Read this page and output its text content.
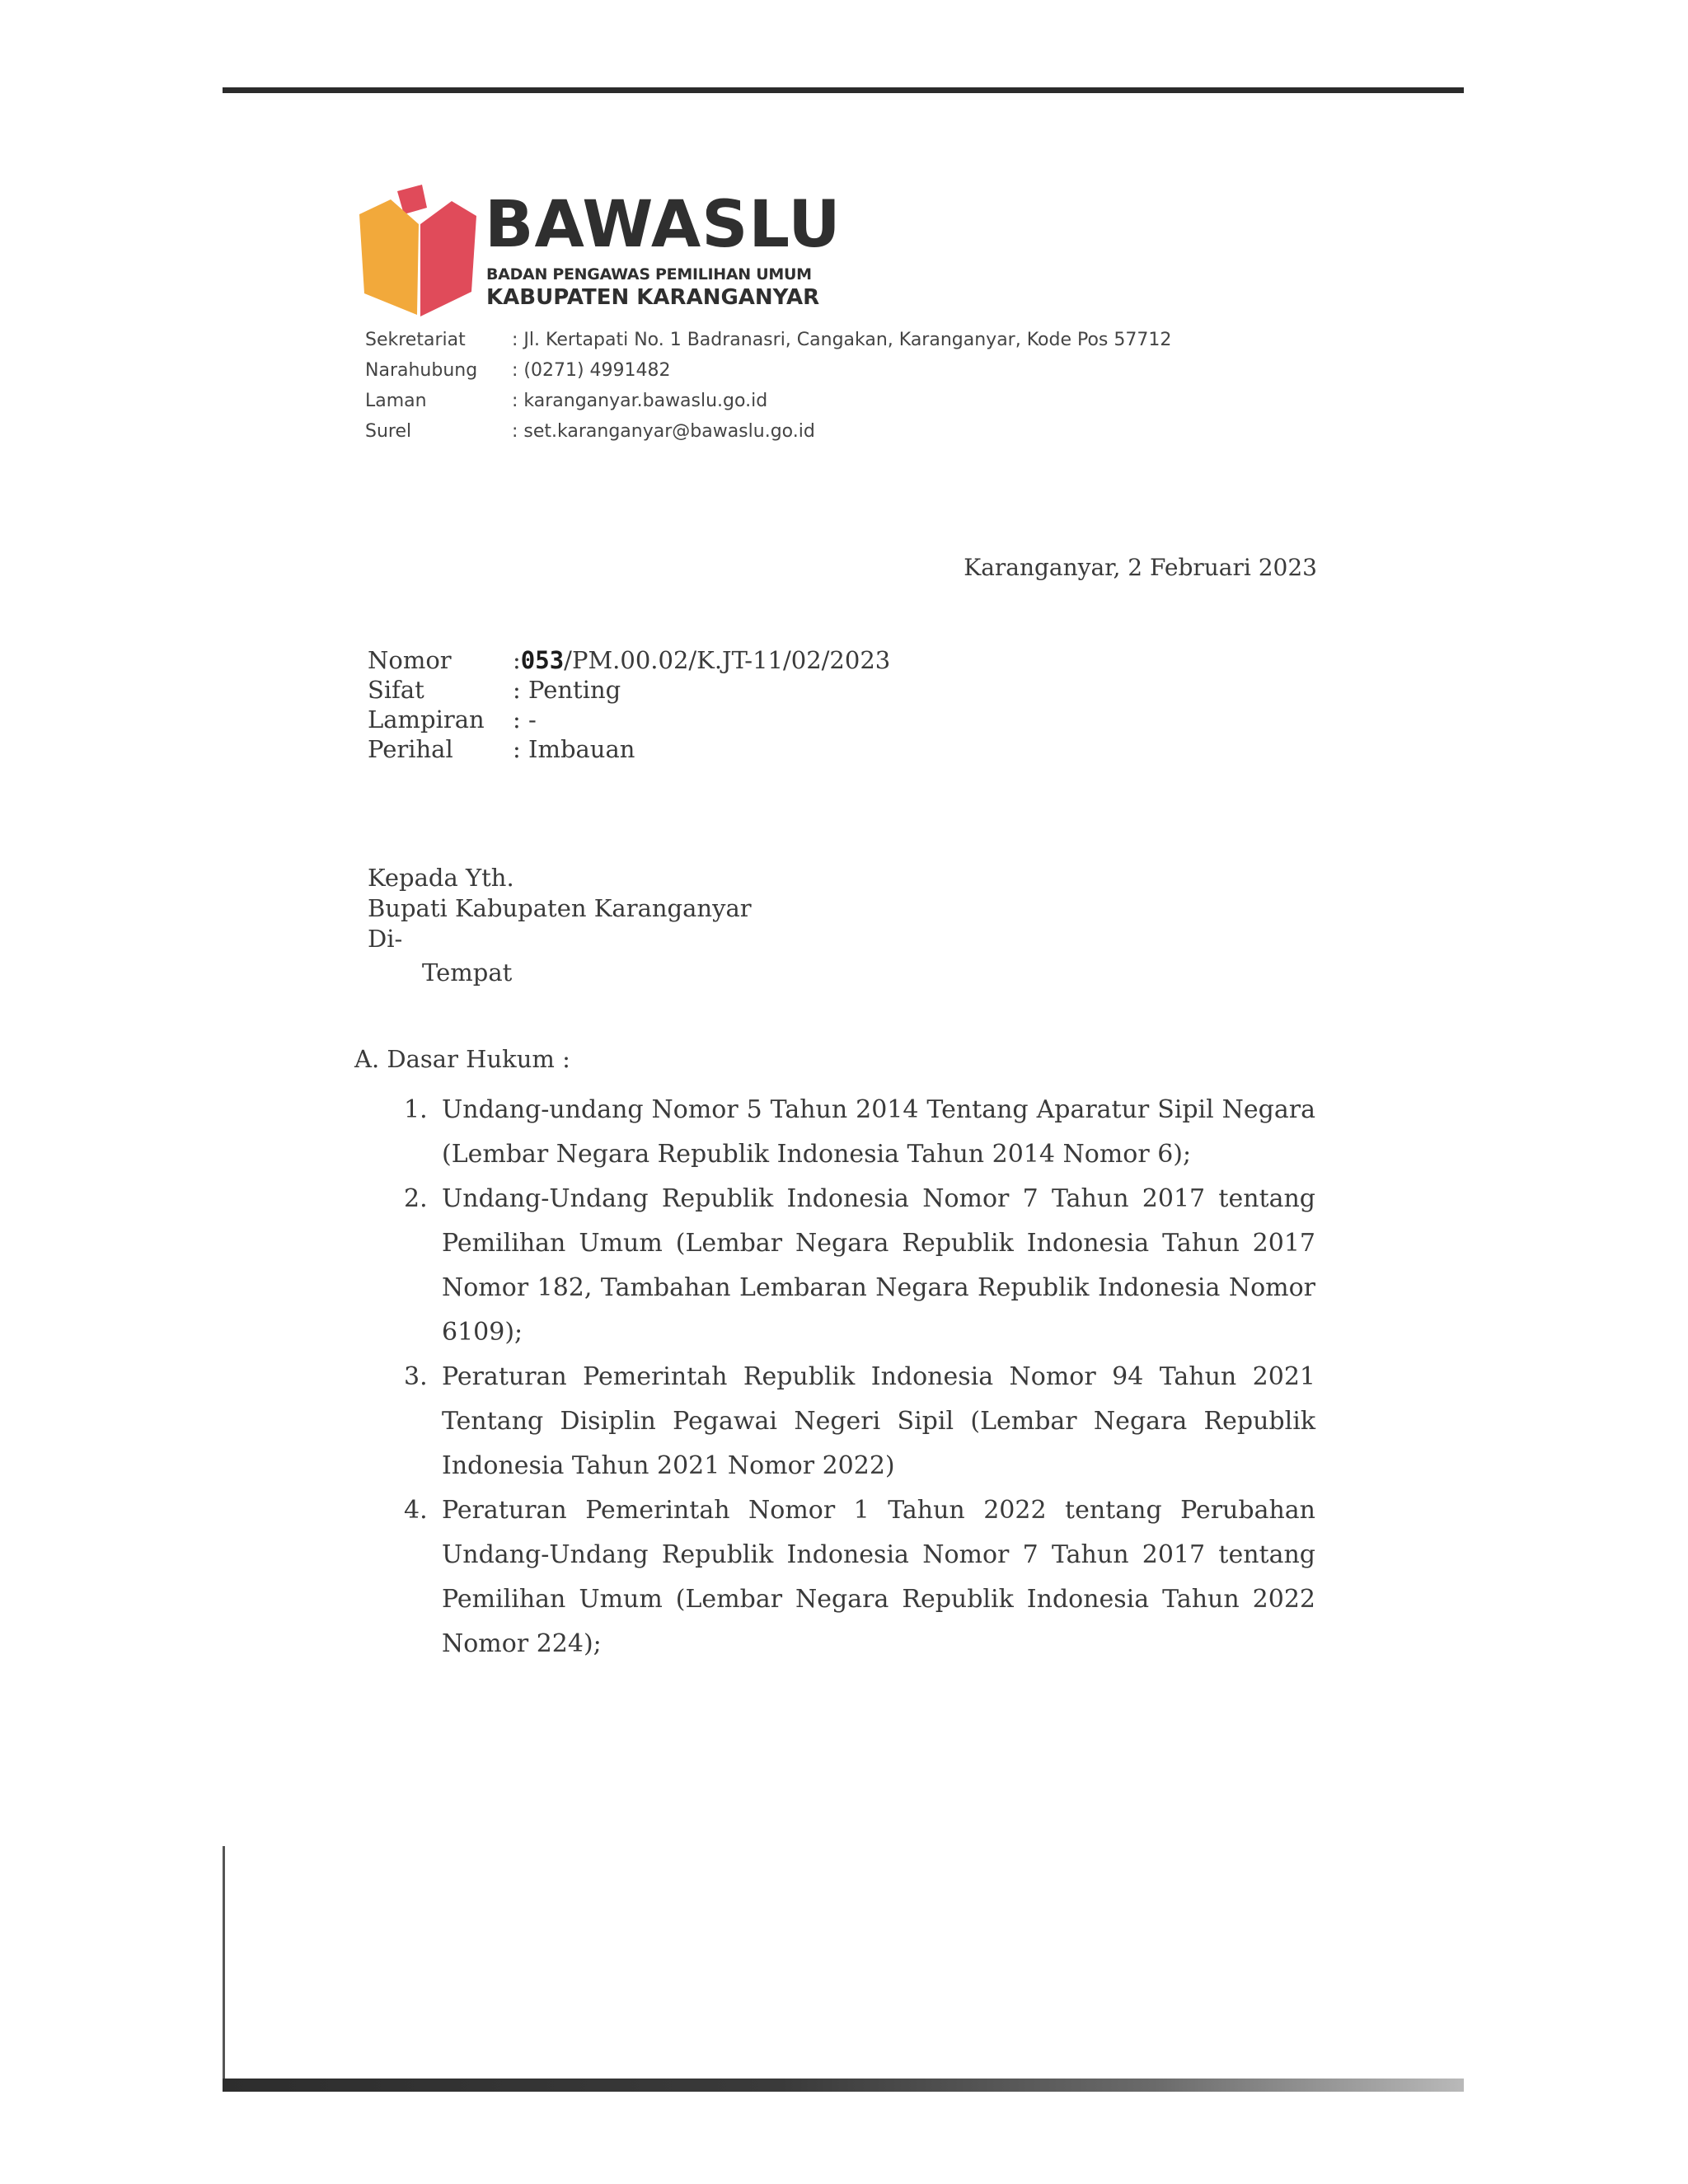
BAWASLU
BADAN PENGAWAS PEMILIHAN UMUM
KABUPATEN KARANGANYAR
Sekretariat	: Jl. Kertapati No. 1 Badranasri, Cangakan, Karanganyar, Kode Pos 57712
Narahubung	: (0271) 4991482
Laman	: karanganyar.bawaslu.go.id
Surel	: set.karanganyar@bawaslu.go.id
Karanganyar, 2 Februari 2023
Nomor	: 053 /PM.00.02/K.JT-11/02/2023
Sifat	: Penting
Lampiran	: -
Perihal	: Imbauan
Kepada Yth.
Bupati Kabupaten Karanganyar
Di-
Tempat
A. Dasar Hukum :
1. Undang-undang Nomor 5 Tahun 2014 Tentang Aparatur Sipil Negara (Lembar Negara Republik Indonesia Tahun 2014 Nomor 6);
2. Undang-Undang Republik Indonesia Nomor 7 Tahun 2017 tentang Pemilihan Umum (Lembar Negara Republik Indonesia Tahun 2017 Nomor 182, Tambahan Lembaran Negara Republik Indonesia Nomor 6109);
3. Peraturan Pemerintah Republik Indonesia Nomor 94 Tahun 2021 Tentang Disiplin Pegawai Negeri Sipil (Lembar Negara Republik Indonesia Tahun 2021 Nomor 2022)
4. Peraturan Pemerintah Nomor 1 Tahun 2022 tentang Perubahan Undang-Undang Republik Indonesia Nomor 7 Tahun 2017 tentang Pemilihan Umum (Lembar Negara Republik Indonesia Tahun 2022 Nomor 224);
